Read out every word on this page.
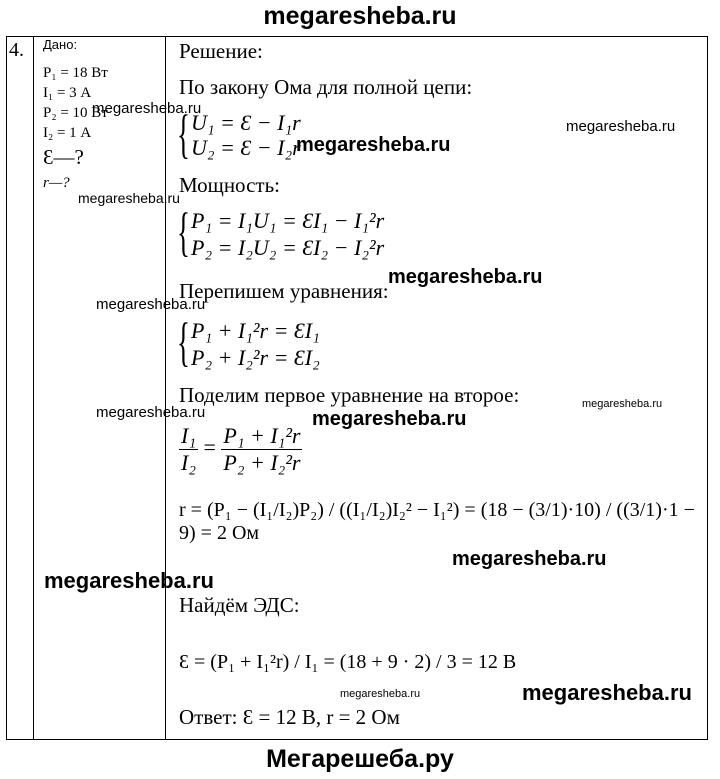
megaresheba.ru
4. Дано:
P₁ = 18 Вт
I₁ = 3 А
P₂ = 10 Вт
I₂ = 1 А
Ɛ—?
r—?
Решение:
По закону Ома для полной цепи:
{ U₁ = Ɛ − I₁r
U₂ = Ɛ − I₂r
Мощность:
{ P₁ = I₁U₁ = ƐI₁ − I₁²r
P₂ = I₂U₂ = ƐI₂ − I₂²r
Перепишем уравнения:
{ P₁ + I₁²r = ƐI₁
P₂ + I₂²r = ƐI₂
Поделим первое уравнение на второе:
$\frac{\text{I₁}}{\text{I₂}} = \frac{\text{P₁ + I₁²r}}{\text{P₂ + I₂²r}}$
r = (P₁ − (I₁/I₂)P₂) / ((I₁/I₂)I₂² − I₁²) = (18 − (3/1)·10) / ((3/1)·1 − 9) = 2 Ом
Найдём ЭДС:
Ɛ = (P₁ + I₁²r) / I₁ = (18 + 9 · 2) / 3 = 12 В
Ответ: Ɛ = 12 В, r = 2 Ом
megaresheba.ru
megaresheba.ru
megaresheba.ru
megaresheba.ru
megaresheba.ru
megaresheba.ru
megaresheba.ru	megaresheba.ru
megaresheba.ru
megaresheba.ru
megaresheba.ru
megaresheba.ru	megaresheba.ru
Мегарешеба.ру
